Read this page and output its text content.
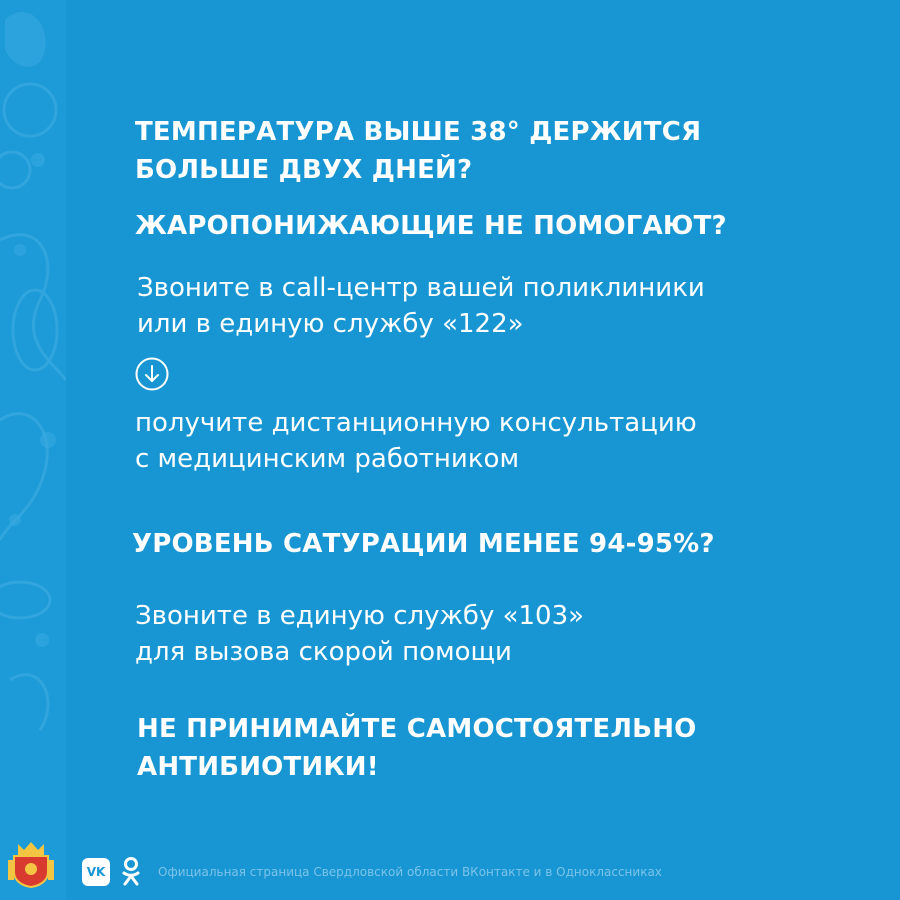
ТЕМПЕРАТУРА ВЫШЕ 38° ДЕРЖИТСЯ
БОЛЬШЕ ДВУХ ДНЕЙ?

ЖАРОПОНИЖАЮЩИЕ НЕ ПОМОГАЮТ?

Звоните в call-центр вашей поликлиники
или в единую службу «122»

получите дистанционную консультацию
с медицинским работником

УРОВЕНЬ САТУРАЦИИ МЕНЕЕ 94-95%?

Звоните в единую службу «103»
для вызова скорой помощи

НЕ ПРИНИМАЙТЕ САМОСТОЯТЕЛЬНО
АНТИБИОТИКИ!

VK	Официальная страница Свердловской области ВКонтакте и в Одноклассниках
